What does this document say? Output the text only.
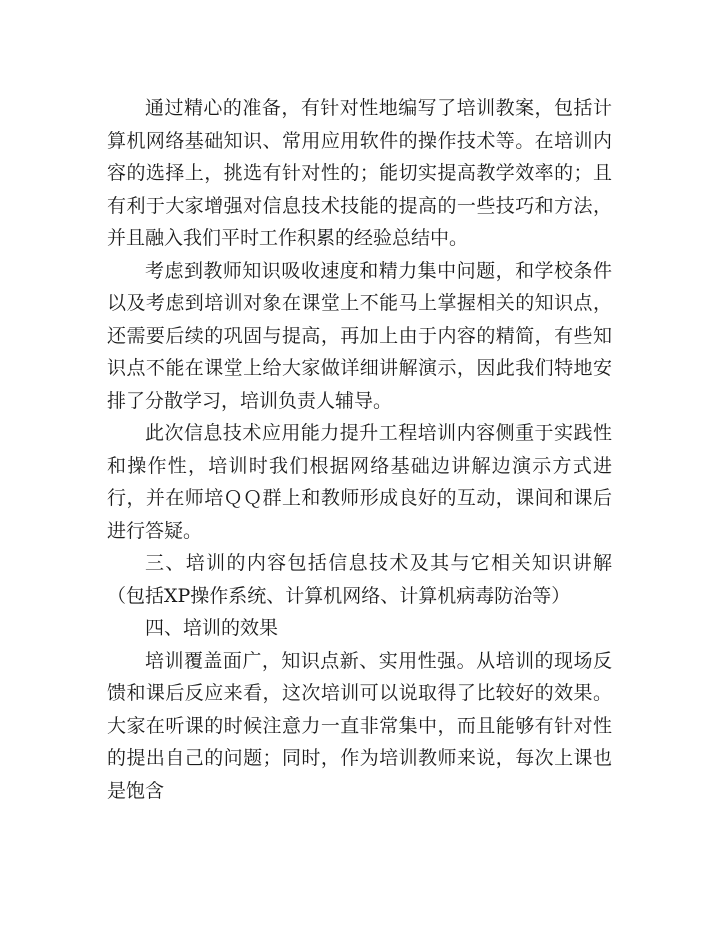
通过精心的准备，有针对性地编写了培训教案，包括计算机网络基础知识、常用应用软件的操作技术等。在培训内容的选择上，挑选有针对性的；能切实提高教学效率的；且有利于大家增强对信息技术技能的提高的一些技巧和方法，并且融入我们平时工作积累的经验总结中。

考虑到教师知识吸收速度和精力集中问题，和学校条件以及考虑到培训对象在课堂上不能马上掌握相关的知识点，还需要后续的巩固与提高，再加上由于内容的精简，有些知识点不能在课堂上给大家做详细讲解演示，因此我们特地安排了分散学习，培训负责人辅导。

此次信息技术应用能力提升工程培训内容侧重于实践性和操作性，培训时我们根据网络基础边讲解边演示方式进行，并在师培ＱＱ群上和教师形成良好的互动，课间和课后进行答疑。

三、培训的内容包括信息技术及其与它相关知识讲解（包括XP操作系统、计算机网络、计算机病毒防治等）

四、培训的效果

培训覆盖面广，知识点新、实用性强。从培训的现场反馈和课后反应来看，这次培训可以说取得了比较好的效果。大家在听课的时候注意力一直非常集中，而且能够有针对性的提出自己的问题；同时，作为培训教师来说，每次上课也是饱含
